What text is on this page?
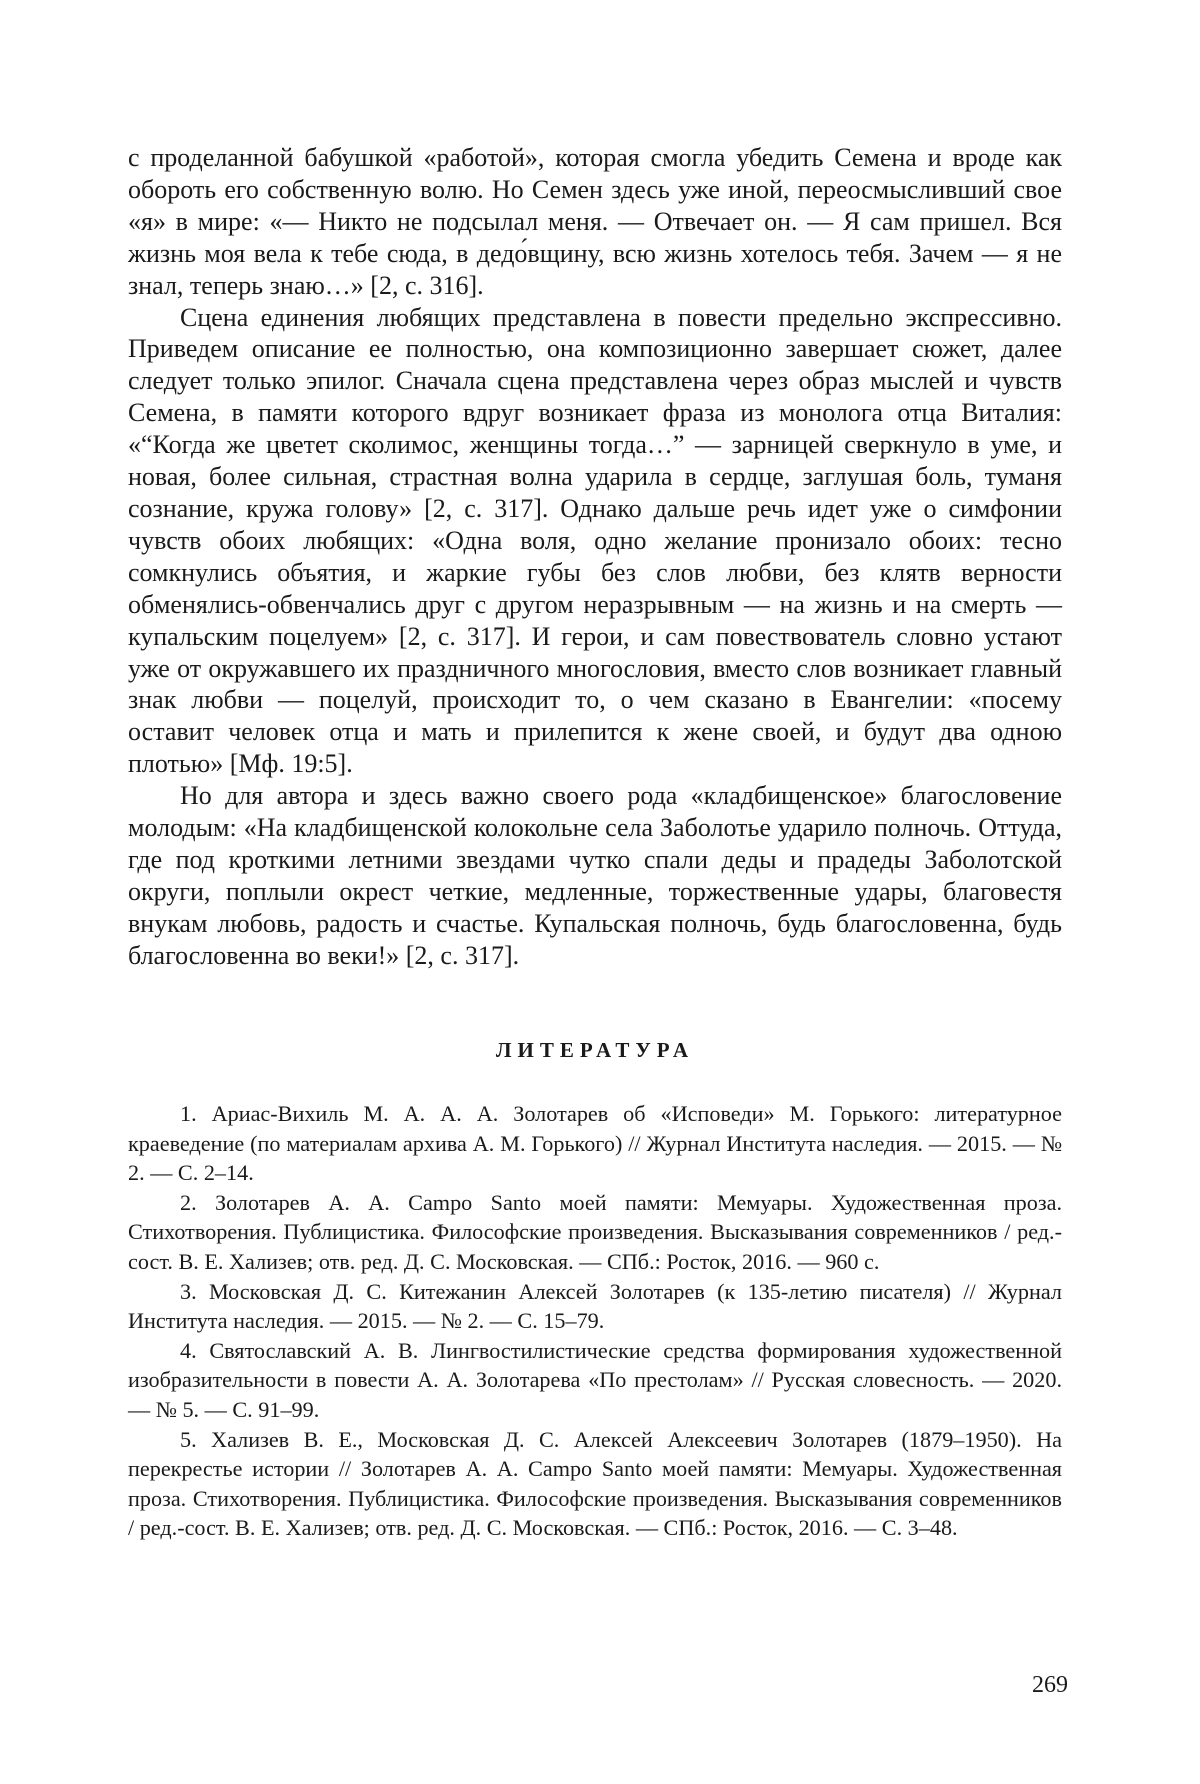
с проделанной бабушкой «работой», которая смогла убедить Семена и вроде как обороть его собственную волю. Но Семен здесь уже иной, переосмысливший свое «я» в мире: «— Никто не подсылал меня. — Отвечает он. — Я сам пришел. Вся жизнь моя вела к тебе сюда, в дедо́вщину, всю жизнь хотелось тебя. Зачем — я не знал, теперь знаю…» [2, с. 316].

Сцена единения любящих представлена в повести предельно экспрессивно. Приведем описание ее полностью, она композиционно завершает сюжет, далее следует только эпилог. Сначала сцена представлена через образ мыслей и чувств Семена, в памяти которого вдруг возникает фраза из монолога отца Виталия: «“Когда же цветет сколимос, женщины тогда…” — зарницей сверкнуло в уме, и новая, более сильная, страстная волна ударила в сердце, заглушая боль, туманя сознание, кружа голову» [2, с. 317]. Однако дальше речь идет уже о симфонии чувств обоих любящих: «Одна воля, одно желание пронизало обоих: тесно сомкнулись объятия, и жаркие губы без слов любви, без клятв верности обменялись-обвенчались друг с другом неразрывным — на жизнь и на смерть — купальским поцелуем» [2, с. 317]. И герои, и сам повествователь словно устают уже от окружавшего их праздничного многословия, вместо слов возникает главный знак любви — поцелуй, происходит то, о чем сказано в Евангелии: «посему оставит человек отца и мать и прилепится к жене своей, и будут два одною плотью» [Мф. 19:5].

Но для автора и здесь важно своего рода «кладбищенское» благословение молодым: «На кладбищенской колокольне села Заболотье ударило полночь. Оттуда, где под кроткими летними звездами чутко спали деды и прадеды Заболотской округи, поплыли окрест четкие, медленные, торжественные удары, благовестя внукам любовь, радость и счастье. Купальская полночь, будь благословенна, будь благословенна во веки!» [2, с. 317].

ЛИТЕРАТУРА

1. Ариас-Вихиль М. А. А. А. Золотарев об «Исповеди» М. Горького: литературное краеведение (по материалам архива А. М. Горького) // Журнал Института наследия. — 2015. — № 2. — С. 2–14.

2. Золотарев А. А. Campo Santo моей памяти: Мемуары. Художественная проза. Стихотворения. Публицистика. Философские произведения. Высказывания современников / ред.-сост. В. Е. Хализев; отв. ред. Д. С. Московская. — СПб.: Росток, 2016. — 960 с.

3. Московская Д. С. Китежанин Алексей Золотарев (к 135-летию писателя) // Журнал Института наследия. — 2015. — № 2. — С. 15–79.

4. Святославский А. В. Лингвостилистические средства формирования художественной изобразительности в повести А. А. Золотарева «По престолам» // Русская словесность. — 2020. — № 5. — С. 91–99.

5. Хализев В. Е., Московская Д. С. Алексей Алексеевич Золотарев (1879–1950). На перекрестье истории // Золотарев А. А. Campo Santo моей памяти: Мемуары. Художественная проза. Стихотворения. Публицистика. Философские произведения. Высказывания современников / ред.-сост. В. Е. Хализев; отв. ред. Д. С. Московская. — СПб.: Росток, 2016. — С. 3–48.

269
